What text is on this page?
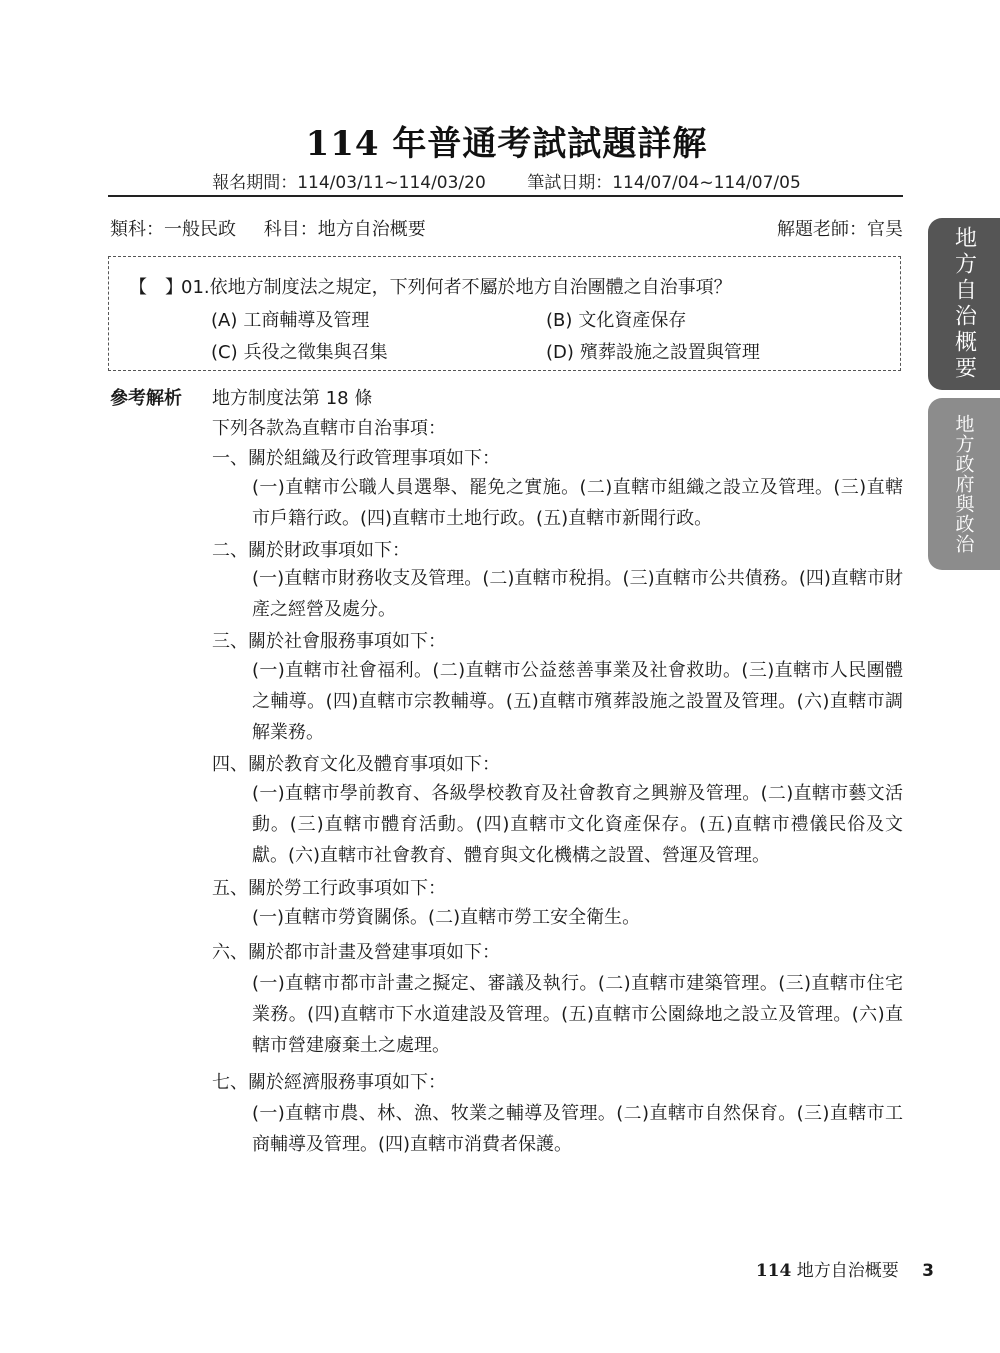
114 年普通考試試題詳解
報名期間：114/03/11~114/03/20 筆試日期：114/07/04~114/07/05
類科：一般民政 科目：地方自治概要	解題老師：官昊
【　】01.依地方制度法之規定，下列何者不屬於地方自治團體之自治事項？
(A) 工商輔導及管理	(B) 文化資產保存
(C) 兵役之徵集與召集	(D) 殯葬設施之設置與管理
參考解析 地方制度法第 18 條
下列各款為直轄市自治事項：
一、關於組織及行政管理事項如下：
(一)直轄市公職人員選舉、罷免之實施。(二)直轄市組織之設立及管理。(三)直轄市戶籍行政。(四)直轄市土地行政。(五)直轄市新聞行政。
二、關於財政事項如下：
(一)直轄市財務收支及管理。(二)直轄市稅捐。(三)直轄市公共債務。(四)直轄市財產之經營及處分。
三、關於社會服務事項如下：
(一)直轄市社會福利。(二)直轄市公益慈善事業及社會救助。(三)直轄市人民團體之輔導。(四)直轄市宗教輔導。(五)直轄市殯葬設施之設置及管理。(六)直轄市調解業務。
四、關於教育文化及體育事項如下：
(一)直轄市學前教育、各級學校教育及社會教育之興辦及管理。(二)直轄市藝文活動。(三)直轄市體育活動。(四)直轄市文化資產保存。(五)直轄市禮儀民俗及文獻。(六)直轄市社會教育、體育與文化機構之設置、營運及管理。
五、關於勞工行政事項如下：
(一)直轄市勞資關係。(二)直轄市勞工安全衛生。
六、關於都市計畫及營建事項如下：
(一)直轄市都市計畫之擬定、審議及執行。(二)直轄市建築管理。(三)直轄市住宅業務。(四)直轄市下水道建設及管理。(五)直轄市公園綠地之設立及管理。(六)直轄市營建廢棄土之處理。
七、關於經濟服務事項如下：
(一)直轄市農、林、漁、牧業之輔導及管理。(二)直轄市自然保育。(三)直轄市工商輔導及管理。(四)直轄市消費者保護。
地方自治概要
地方政府與政治
114 地方自治概要 3
